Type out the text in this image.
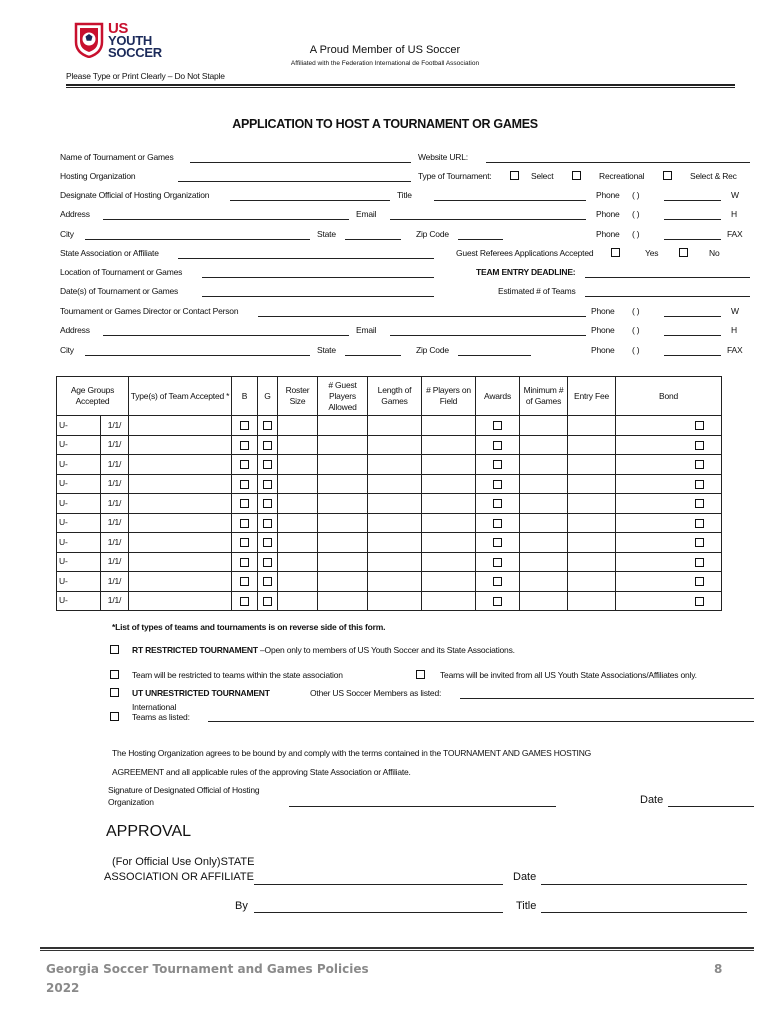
US
YOUTH
SOCCER	A Proud Member of US Soccer
Affiliated with the Federation International de Football Association
Please Type or Print Clearly – Do Not Staple
APPLICATION TO HOST A TOURNAMENT OR GAMES
Name of Tournament or Games	Website URL:
Hosting Organization	Type of Tournament:	Select	Recreational	Select & Rec
Designate Official of Hosting Organization	Title	Phone ( )	W
Address	Email	Phone ( )	H
City	State	Zip Code	Phone ( )	FAX
State Association or Affiliate	Guest Referees Applications Accepted	Yes	No
Location of Tournament or Games	TEAM ENTRY DEADLINE:
Date(s) of Tournament or Games	Estimated # of Teams
Tournament or Games Director or Contact Person	Phone ( )	W
Address	Email	Phone ( )	H
City	State	Zip Code	Phone ( )	FAX
Age Groups Accepted		Type(s) of Team Accepted *	B	G	Roster Size	# Guest Players Allowed	Length of Games	# Players on Field	Awards	Minimum # of Games	Entry Fee	Bond	
U-	1/1/												
U-	1/1/												
U-	1/1/												
U-	1/1/												
U-	1/1/												
U-	1/1/												
U-	1/1/												
U-	1/1/												
U-	1/1/												
U-	1/1/												
*List of types of teams and tournaments is on reverse side of this form.
RT RESTRICTED TOURNAMENT –Open only to members of US Youth Soccer and its State Associations.
Team will be restricted to teams within the state association	Teams will be invited from all US Youth State Associations/Affiliates only.
UT UNRESTRICTED TOURNAMENT	Other US Soccer Members as listed:
International
Teams as listed:
The Hosting Organization agrees to be bound by and comply with the terms contained in the TOURNAMENT AND GAMES HOSTING
AGREEMENT and all applicable rules of the approving State Association or Affiliate.
Signature of Designated Official of Hosting
Organization	Date
APPROVAL
(For Official Use Only)STATE
ASSOCIATION OR AFFILIATE	Date
By	Title
Georgia Soccer Tournament and Games Policies
2022
8
